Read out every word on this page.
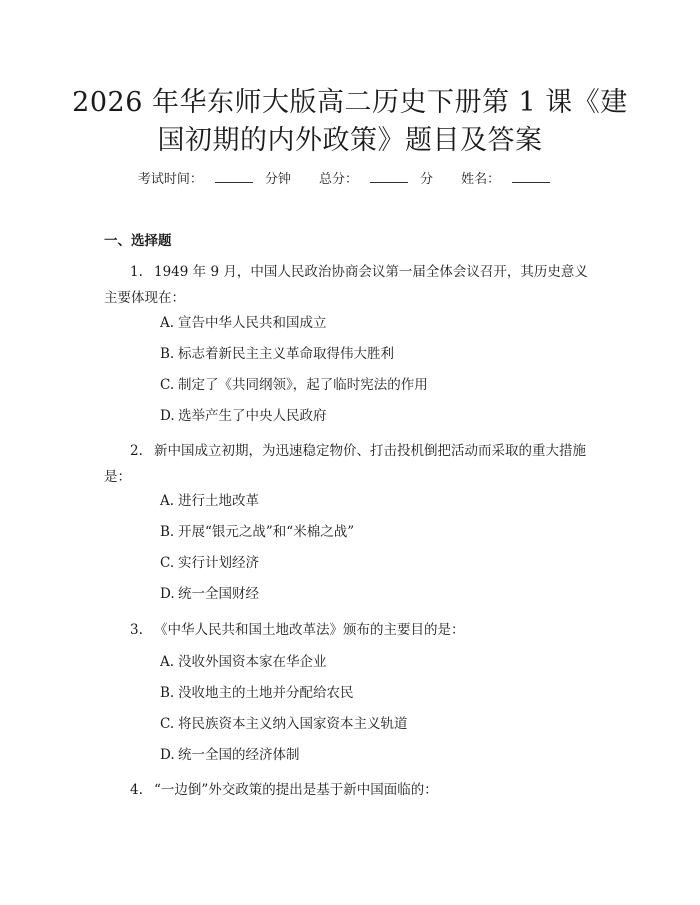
2026 年华东师大版高二历史下册第 1 课《建
国初期的内外政策》题目及答案
考试时间：	分钟 总分：	分 姓名：
一、选择题
1. 1949 年 9 月，中国人民政治协商会议第一届全体会议召开，其历史意义主要体现在：
A. 宣告中华人民共和国成立
B. 标志着新民主主义革命取得伟大胜利
C. 制定了《共同纲领》，起了临时宪法的作用
D. 选举产生了中央人民政府
2. 新中国成立初期，为迅速稳定物价、打击投机倒把活动而采取的重大措施是：
A. 进行土地改革
B. 开展“银元之战”和“米棉之战”
C. 实行计划经济
D. 统一全国财经
3. 《中华人民共和国土地改革法》颁布的主要目的是：
A. 没收外国资本家在华企业
B. 没收地主的土地并分配给农民
C. 将民族资本主义纳入国家资本主义轨道
D. 统一全国的经济体制
4. “一边倒”外交政策的提出是基于新中国面临的：
